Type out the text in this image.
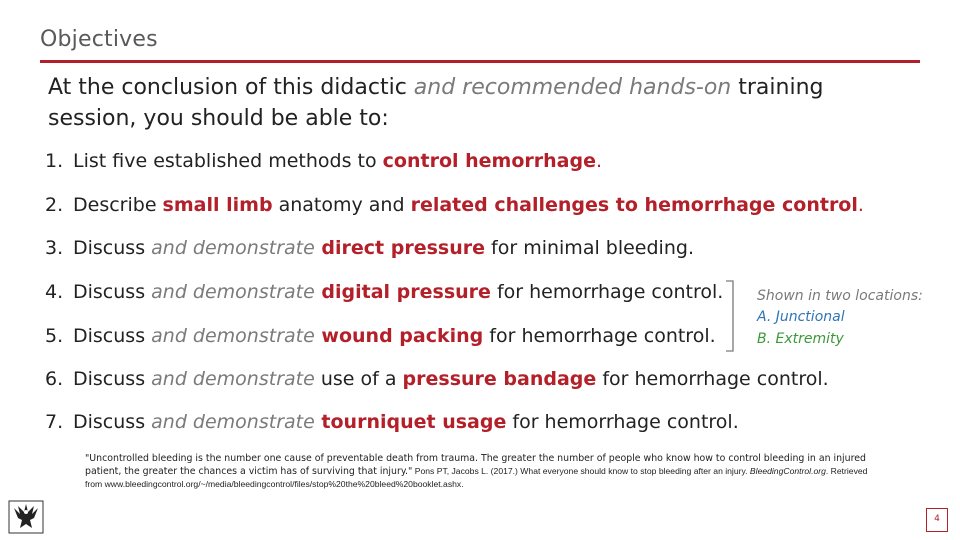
Objectives
At the conclusion of this didactic and recommended hands-on training session, you should be able to:
1. List five established methods to control hemorrhage.
2. Describe small limb anatomy and related challenges to hemorrhage control.
3. Discuss and demonstrate direct pressure for minimal bleeding.
4. Discuss and demonstrate digital pressure for hemorrhage control.
5. Discuss and demonstrate wound packing for hemorrhage control.
Shown in two locations:
A. Junctional
B. Extremity
6. Discuss and demonstrate use of a pressure bandage for hemorrhage control.
7. Discuss and demonstrate tourniquet usage for hemorrhage control.
"Uncontrolled bleeding is the number one cause of preventable death from trauma. The greater the number of people who know how to control bleeding in an injured patient, the greater the chances a victim has of surviving that injury." Pons PT, Jacobs L. (2017.) What everyone should know to stop bleeding after an injury. BleedingControl.org. Retrieved from www.bleedingcontrol.org/~/media/bleedingcontrol/files/stop%20the%20bleed%20booklet.ashx.
4
